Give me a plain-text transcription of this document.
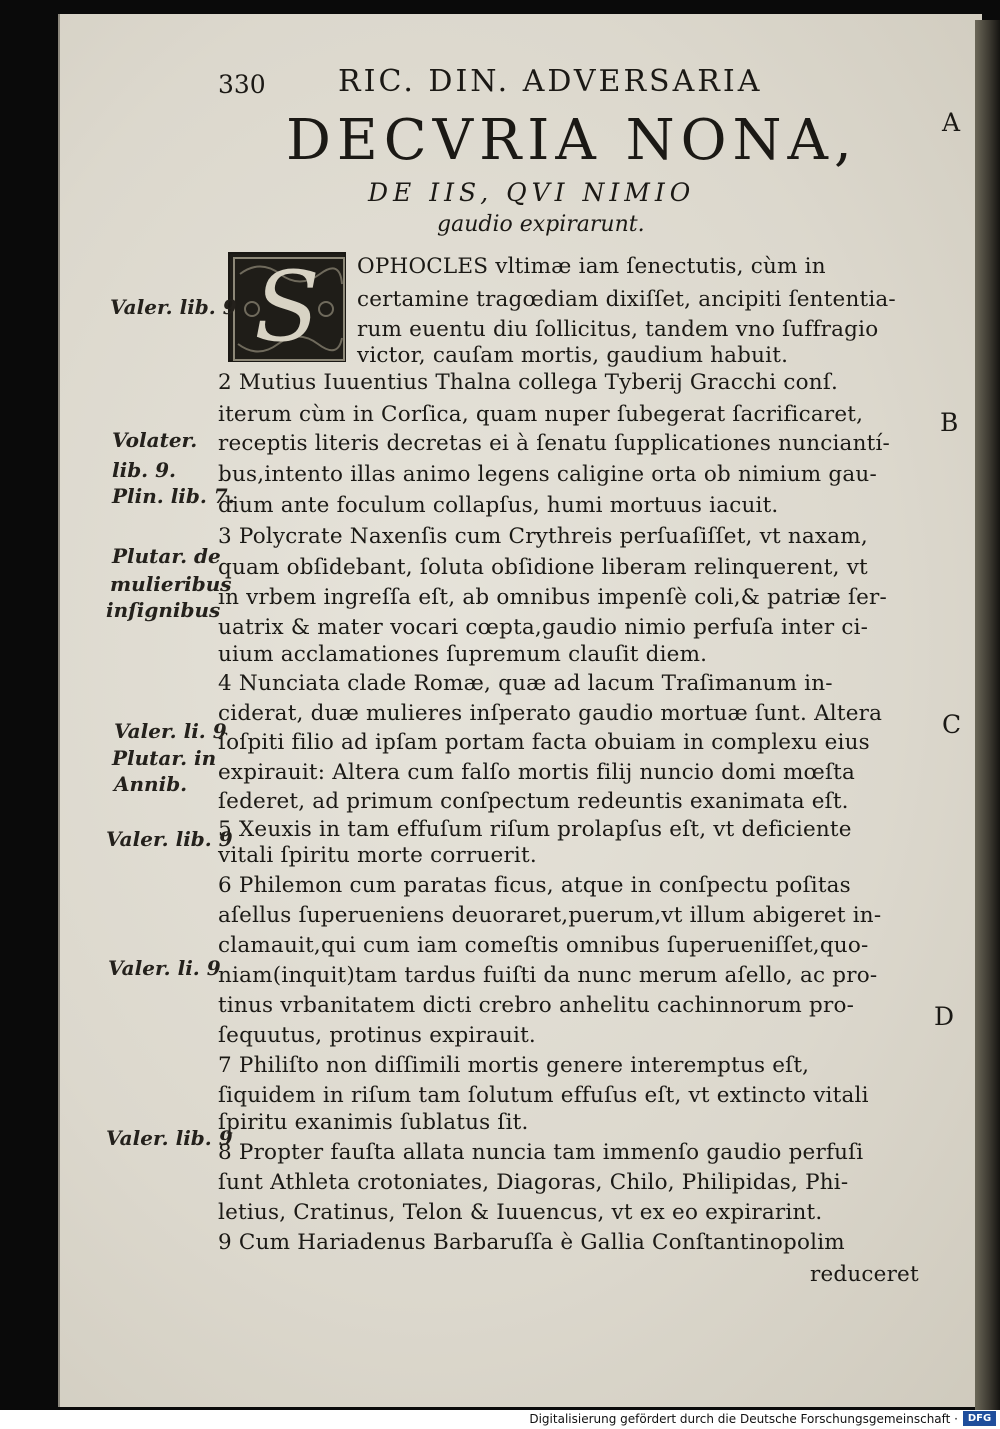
330 RIC. DIN. ADVERSARIA
DECVRIA NONA,
DE IIS, QVI NIMIO
gaudio expirarunt.
A
B
C
D
S	OPHOCLES vltimæ iam ſenectutis, cùm in
certamine tragœdiam dixiſſet, ancipiti ſententia-
rum euentu diu ſollicitus, tandem vno ſuffragio
victor, cauſam mortis, gaudium habuit.
2 Mutius Iuuentius Thalna collega Tyberij Gracchi conſ.
iterum cùm in Corſica, quam nuper ſubegerat ſacrificaret,
receptis literis decretas ei à ſenatu ſupplicationes nunciantí-
bus,intento illas animo legens caligine orta ob nimium gau-
dium ante foculum collapſus, humi mortuus iacuit.
3 Polycrate Naxenſis cum Crythreis perſuaſiſſet, vt naxam,
quam obſidebant, ſoluta obſidione liberam relinquerent, vt
in vrbem ingreſſa eſt, ab omnibus impenſè coli,& patriæ ſer-
uatrix & mater vocari cœpta,gaudio nimio perfuſa inter ci-
uium acclamationes ſupremum clauſit diem.
4 Nunciata clade Romæ, quæ ad lacum Traſimanum in-
ciderat, duæ mulieres inſperato gaudio mortuæ ſunt. Altera
ſoſpiti filio ad ipſam portam facta obuiam in complexu eius
expirauit: Altera cum falſo mortis filij nuncio domi mœſta
ſederet, ad primum conſpectum redeuntis exanimata eſt.
5 Xeuxis in tam effuſum riſum prolapſus eſt, vt deficiente
vitali ſpiritu morte corruerit.
6 Philemon cum paratas ficus, atque in conſpectu poſitas
aſellus ſuperueniens deuoraret,puerum,vt illum abigeret in-
clamauit,qui cum iam comeſtis omnibus ſuperueniſſet,quo-
niam(inquit)tam tardus fuiſti da nunc merum aſello, ac pro-
tinus vrbanitatem dicti crebro anhelitu cachinnorum pro-
ſequutus, protinus expirauit.
7 Philiſto non diſſimili mortis genere interemptus eſt,
ſiquidem in riſum tam ſolutum effuſus eſt, vt extincto vitali
ſpiritu exanimis ſublatus ſit.
8 Propter fauſta allata nuncia tam immenſo gaudio perfuſi
ſunt Athleta crotoniates, Diagoras, Chilo, Philipidas, Phi-
letius, Cratinus, Telon & Iuuencus, vt ex eo expirarint.
9 Cum Hariadenus Barbaruſſa è Gallia Conſtantinopolim
reduceret
Valer. lib. 9
Volater.
lib. 9.
Plin. lib. 7.
Plutar. de
mulieribus
inſignibus
Valer. li. 9
Plutar. in
Annib.
Valer. lib. 9
Valer. li. 9
Valer. lib. 9
Digitalisierung gefördert durch die Deutsche Forschungsgemeinschaft · DFG
